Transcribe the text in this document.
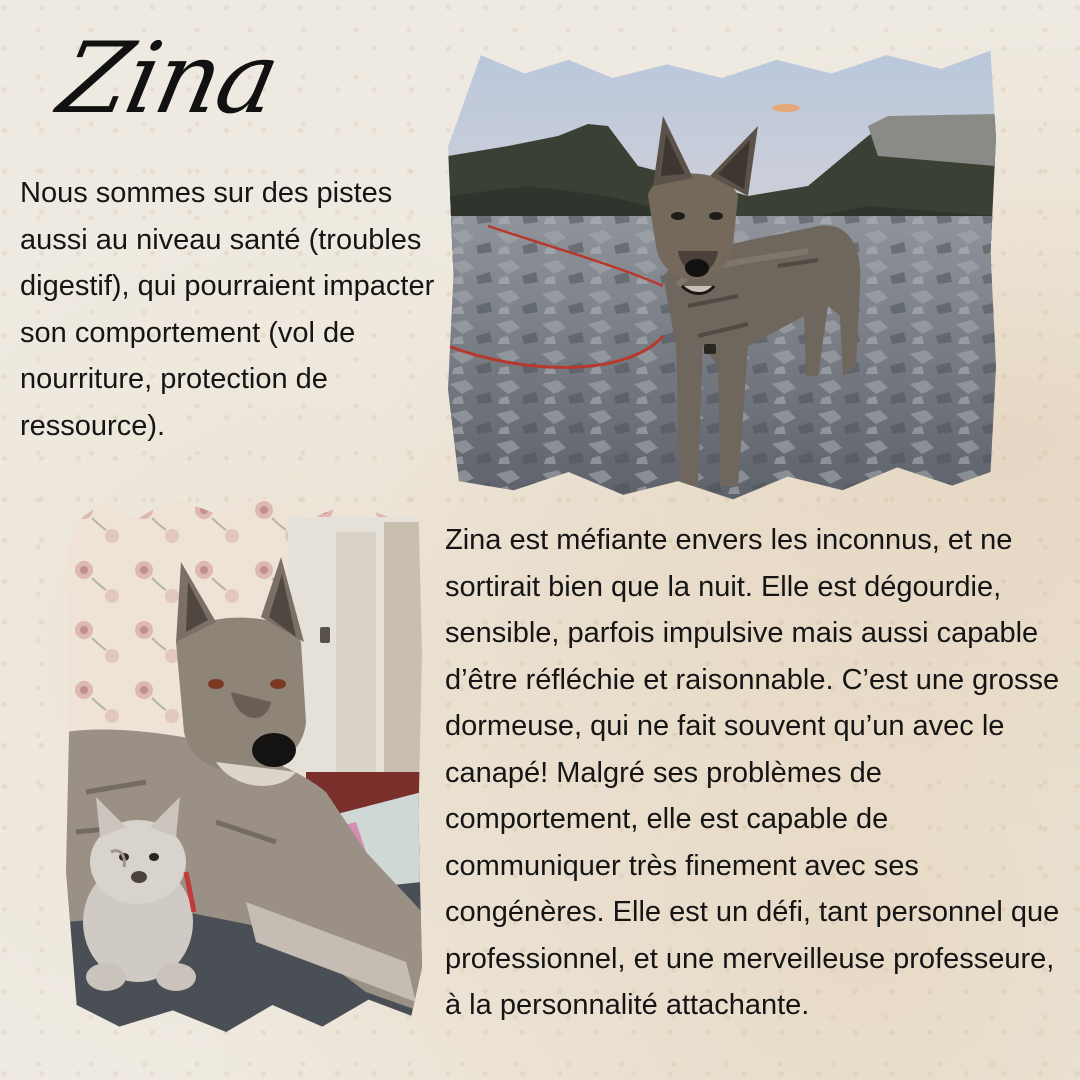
Zina

Nous sommes sur des pistes aussi au niveau santé (troubles digestif), qui pourraient impacter son comportement (vol de nourriture, protection de ressource).

Zina est méfiante envers les inconnus, et ne sortirait bien que la nuit. Elle est dégourdie, sensible, parfois impulsive mais aussi capable d’être réfléchie et raisonnable. C’est une grosse dormeuse, qui ne fait souvent qu’un avec le canapé! Malgré ses problèmes de comportement, elle est capable de communiquer très finement avec ses congénères. Elle est un défi, tant personnel que professionnel, et une merveilleuse professeure, à la personnalité attachante.
